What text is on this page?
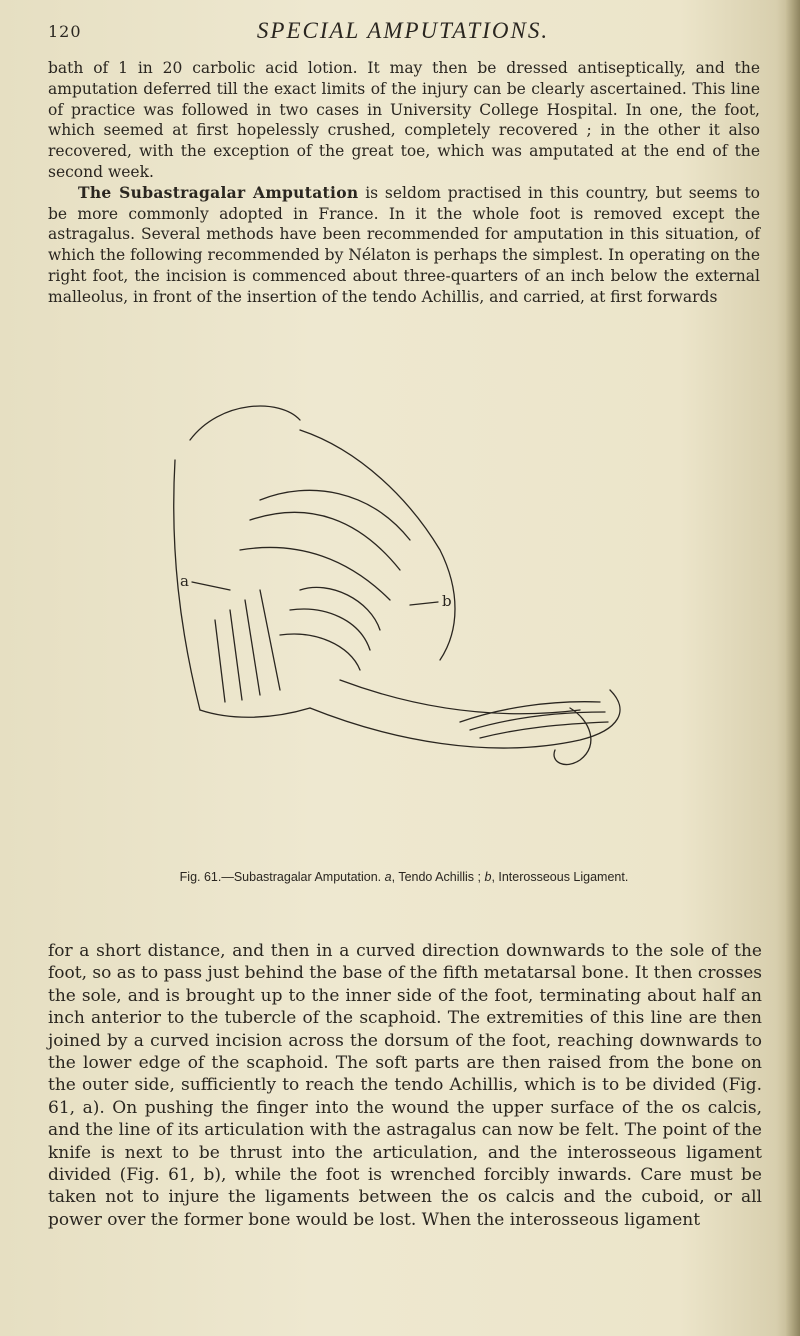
120	SPECIAL AMPUTATIONS.

bath of 1 in 20 carbolic acid lotion. It may then be dressed antiseptically, and the amputation deferred till the exact limits of the injury can be clearly ascertained. This line of practice was followed in two cases in University College Hospital. In one, the foot, which seemed at first hopelessly crushed, completely recovered ; in the other it also recovered, with the exception of the great toe, which was amputated at the end of the second week.

The Subastragalar Amputation is seldom practised in this country, but seems to be more commonly adopted in France. In it the whole foot is removed except the astragalus. Several methods have been recommended for amputation in this situation, of which the following recommended by Nélaton is perhaps the simplest. In operating on the right foot, the incision is commenced about three-quarters of an inch below the external malleolus, in front of the insertion of the tendo Achillis, and carried, at first forwards

a
b
Fig. 61.—Subastragalar Amputation. a, Tendo Achillis ; b, Interosseous Ligament.

for a short distance, and then in a curved direction downwards to the sole of the foot, so as to pass just behind the base of the fifth metatarsal bone. It then crosses the sole, and is brought up to the inner side of the foot, terminating about half an inch anterior to the tubercle of the scaphoid. The extremities of this line are then joined by a curved incision across the dorsum of the foot, reaching downwards to the lower edge of the scaphoid. The soft parts are then raised from the bone on the outer side, sufficiently to reach the tendo Achillis, which is to be divided (Fig. 61, a). On pushing the finger into the wound the upper surface of the os calcis, and the line of its articulation with the astragalus can now be felt. The point of the knife is next to be thrust into the articulation, and the interosseous ligament divided (Fig. 61, b), while the foot is wrenched forcibly inwards. Care must be taken not to injure the ligaments between the os calcis and the cuboid, or all power over the former bone would be lost. When the interosseous ligament
